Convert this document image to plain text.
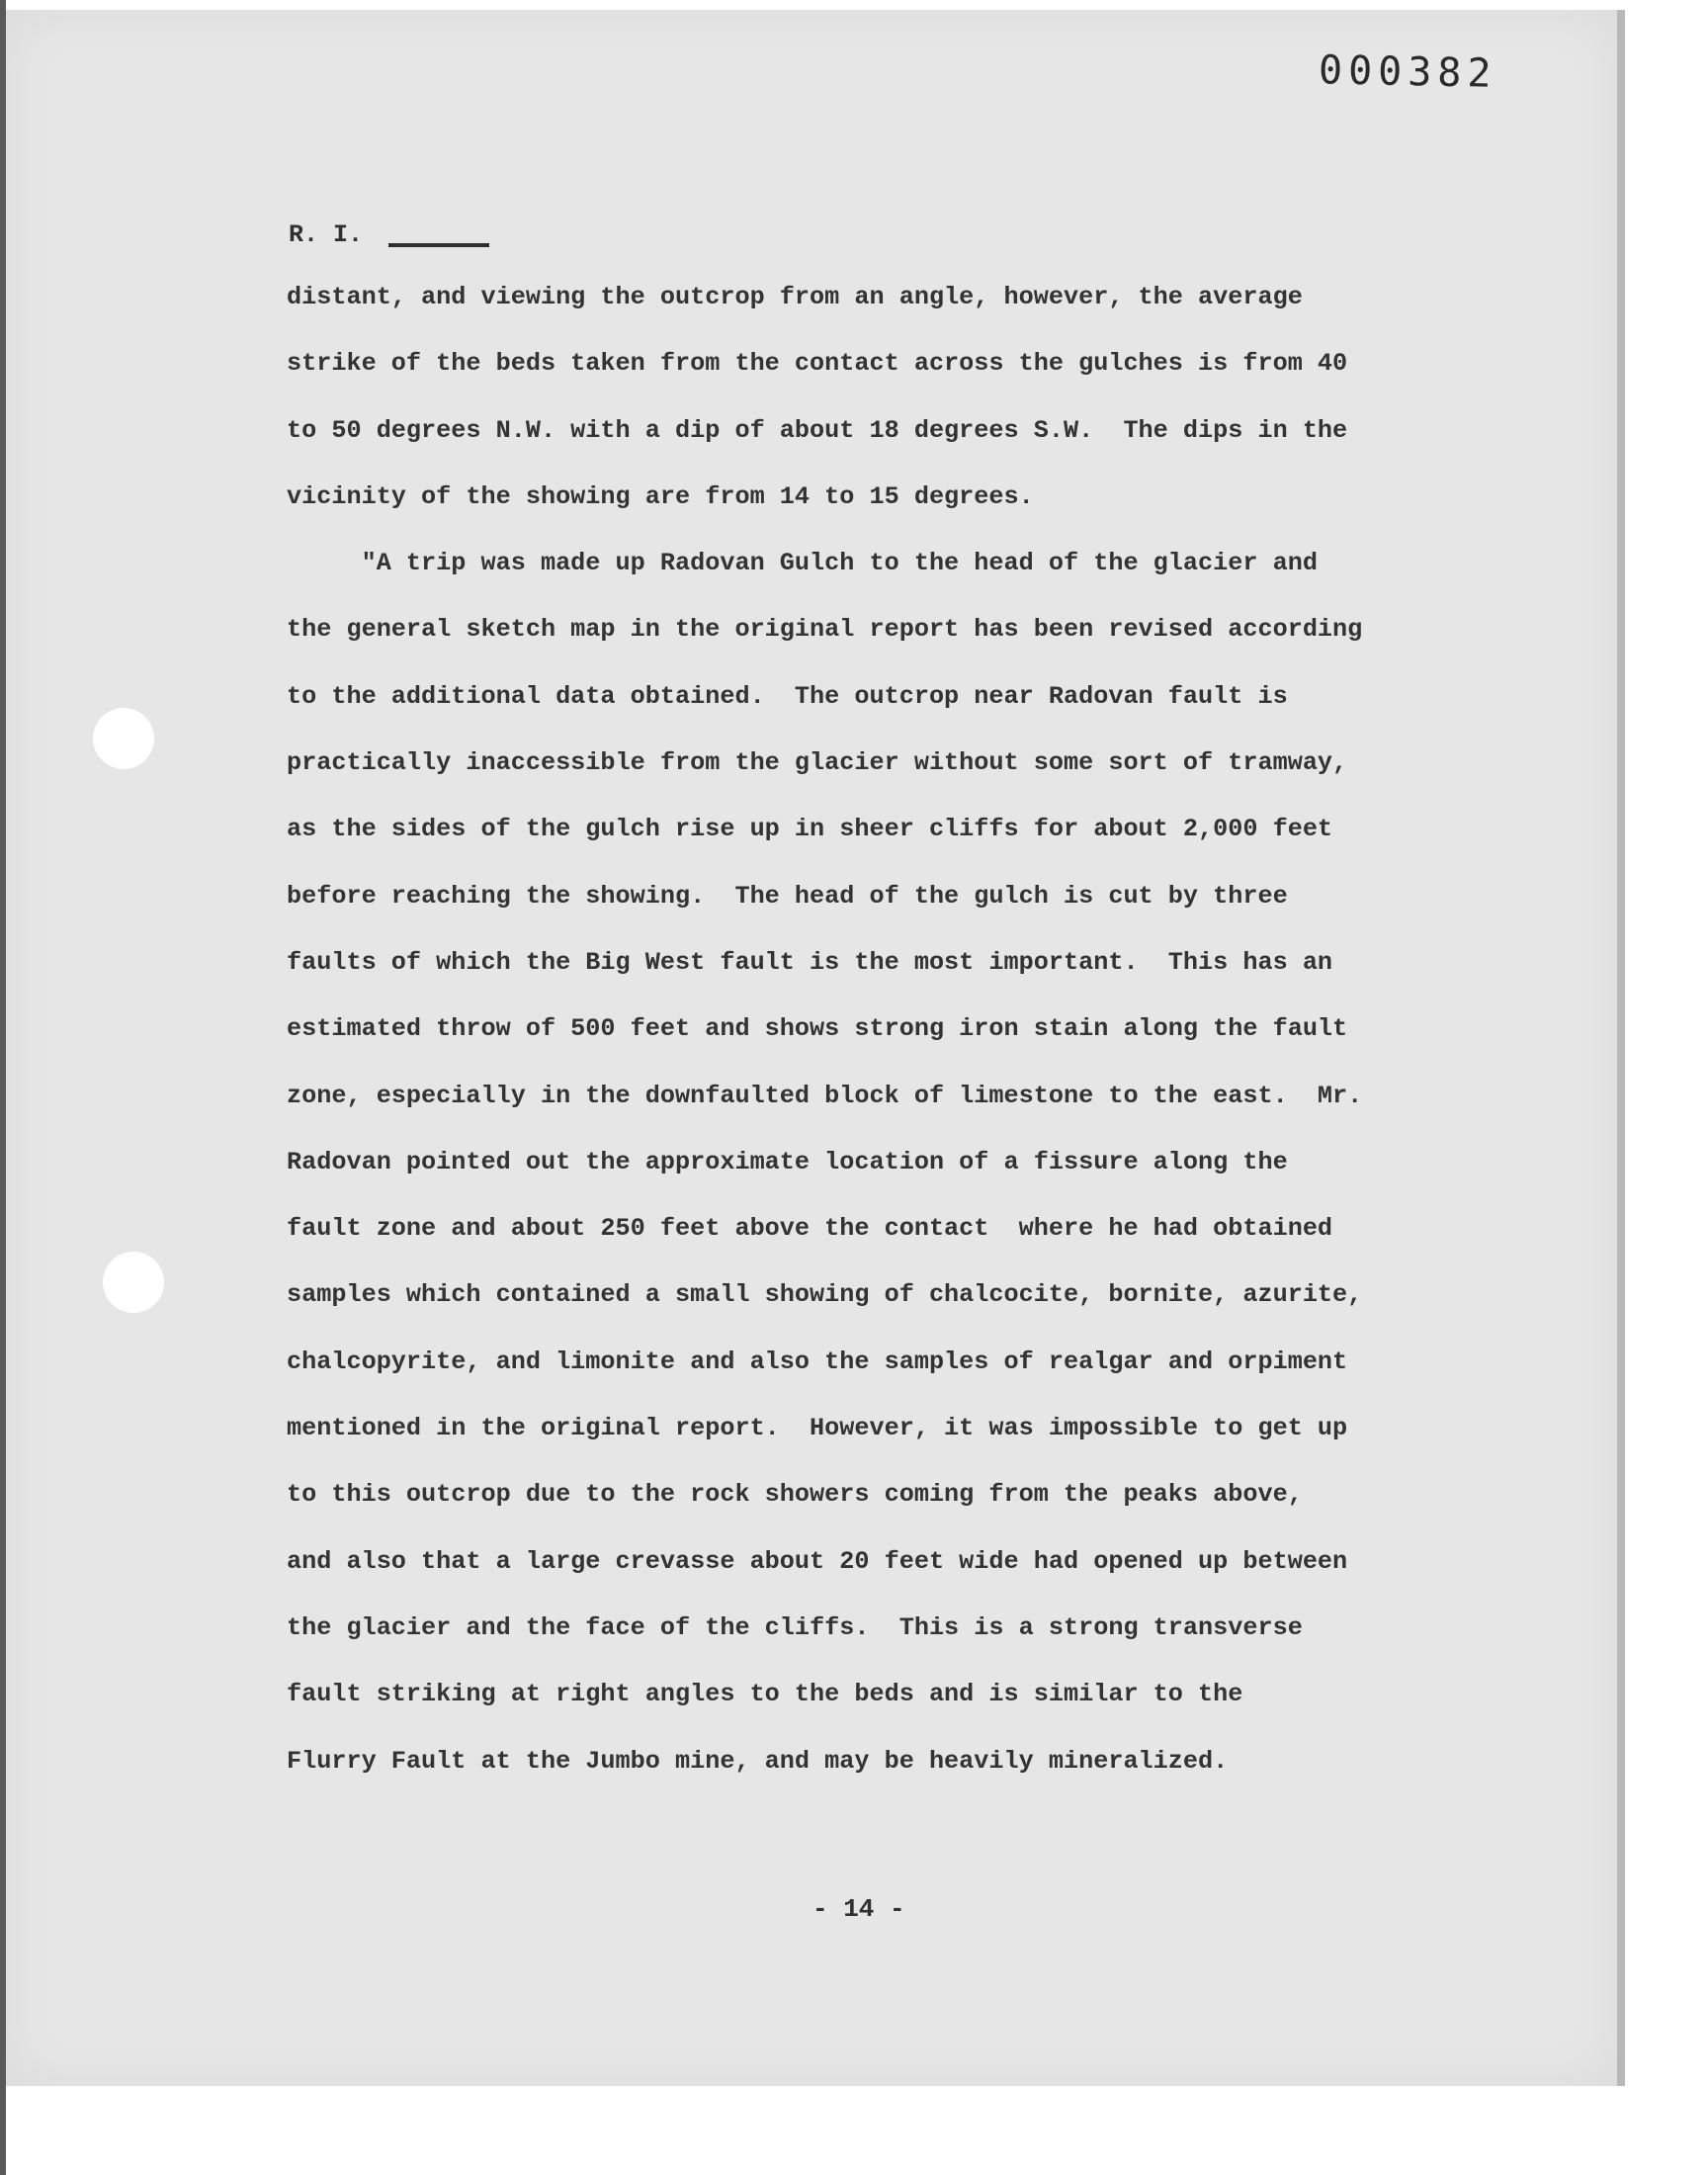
000382
R. I.
distant, and viewing the outcrop from an angle, however, the average
strike of the beds taken from the contact across the gulches is from 40
to 50 degrees N.W. with a dip of about 18 degrees S.W.  The dips in the
vicinity of the showing are from 14 to 15 degrees.
"A trip was made up Radovan Gulch to the head of the glacier and
the general sketch map in the original report has been revised according
to the additional data obtained.  The outcrop near Radovan fault is
practically inaccessible from the glacier without some sort of tramway,
as the sides of the gulch rise up in sheer cliffs for about 2,000 feet
before reaching the showing.  The head of the gulch is cut by three
faults of which the Big West fault is the most important.  This has an
estimated throw of 500 feet and shows strong iron stain along the fault
zone, especially in the downfaulted block of limestone to the east.  Mr.
Radovan pointed out the approximate location of a fissure along the
fault zone and about 250 feet above the contact  where he had obtained
samples which contained a small showing of chalcocite, bornite, azurite,
chalcopyrite, and limonite and also the samples of realgar and orpiment
mentioned in the original report.  However, it was impossible to get up
to this outcrop due to the rock showers coming from the peaks above,
and also that a large crevasse about 20 feet wide had opened up between
the glacier and the face of the cliffs.  This is a strong transverse
fault striking at right angles to the beds and is similar to the
Flurry Fault at the Jumbo mine, and may be heavily mineralized.
- 14 -
